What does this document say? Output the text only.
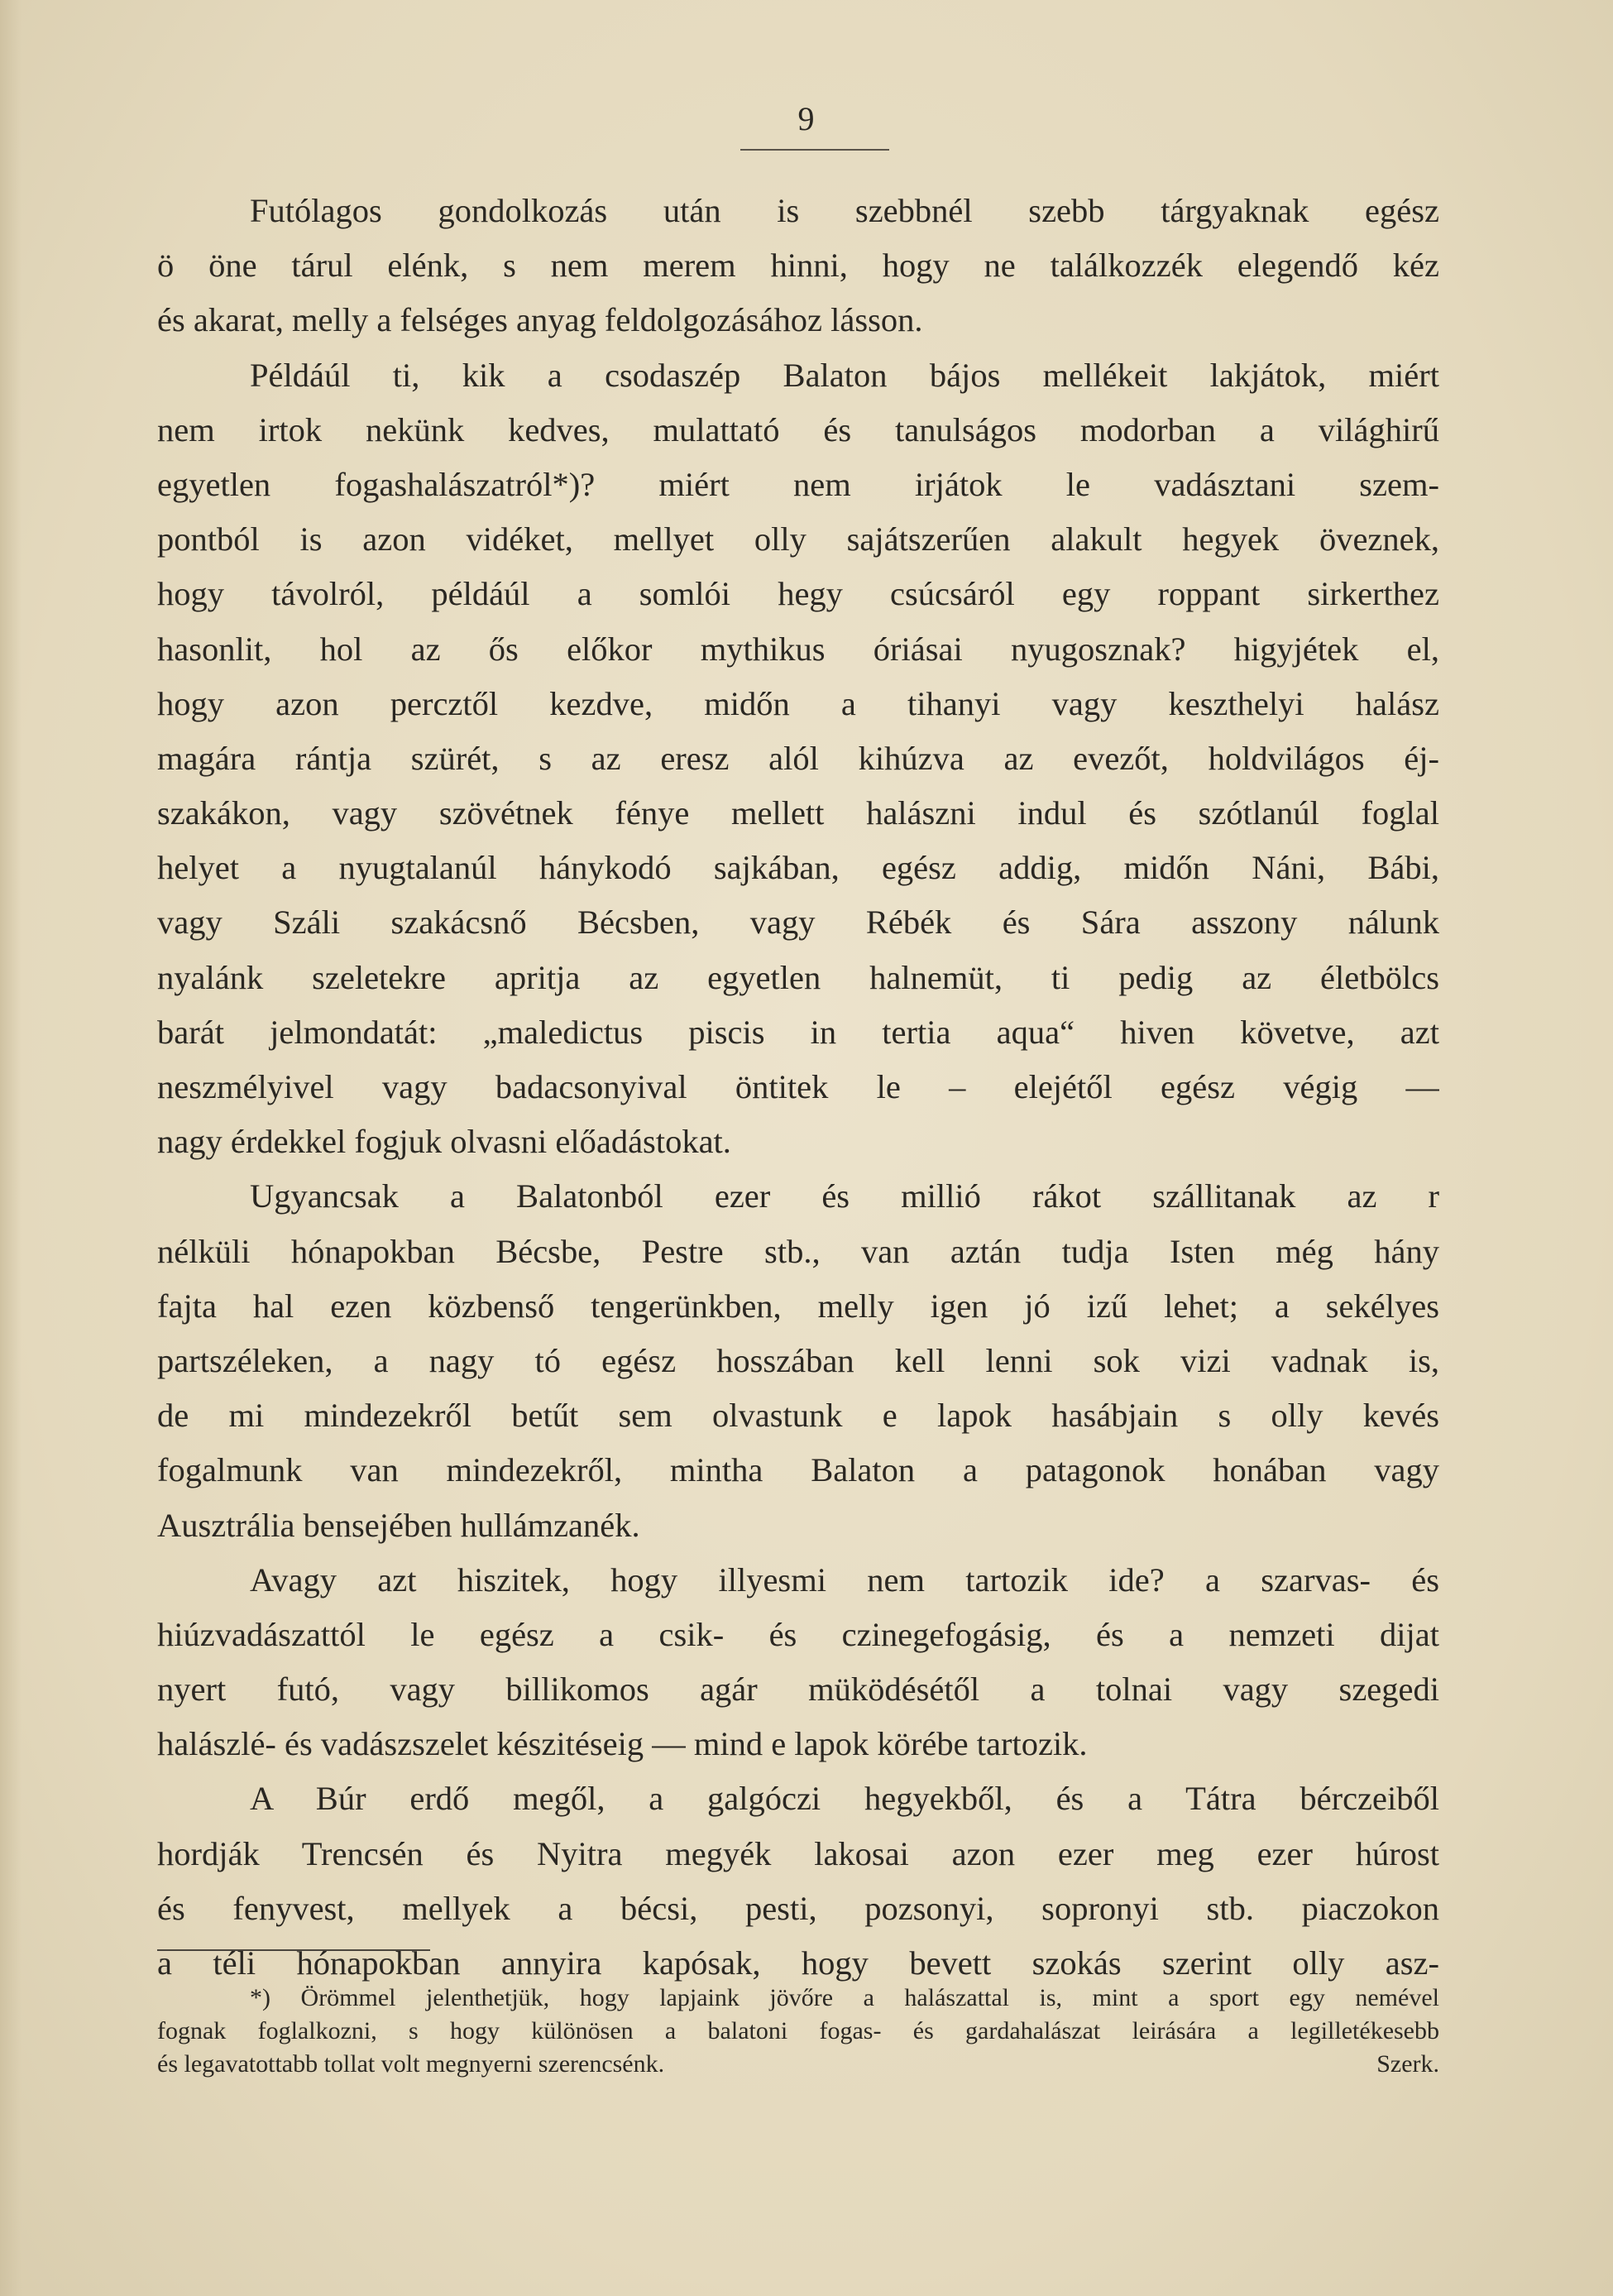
9
Futólagos gondolkozás után is szebbnél szebb tárgyaknak egész
ö öne tárul elénk, s nem merem hinni, hogy ne találkozzék elegendő kéz
és akarat, melly a felséges anyag feldolgozásához lásson.
Példáúl ti, kik a csodaszép Balaton bájos mellékeit lakjátok, miért
nem irtok nekünk kedves, mulattató és tanulságos modorban a világhirű
egyetlen fogashalászatról*)? miért nem irjátok le vadásztani szem-
pontból is azon vidéket, mellyet olly sajátszerűen alakult hegyek öveznek,
hogy távolról, példáúl a somlói hegy csúcsáról egy roppant sirkerthez
hasonlit, hol az ős előkor mythikus óriásai nyugosznak? higyjétek el,
hogy azon percztől kezdve, midőn a tihanyi vagy keszthelyi halász
magára rántja szürét, s az eresz alól kihúzva az evezőt, holdvilágos éj-
szakákon, vagy szövétnek fénye mellett halászni indul és szótlanúl foglal
helyet a nyugtalanúl hánykodó sajkában, egész addig, midőn Náni, Bábi,
vagy Száli szakácsnő Bécsben, vagy Rébék és Sára asszony nálunk
nyalánk szeletekre apritja az egyetlen halnemüt, ti pedig az életbölcs
barát jelmondatát: „maledictus piscis in tertia aqua“ hiven követve, azt
neszmélyivel vagy badacsonyival öntitek le – elejétől egész végig —
nagy érdekkel fogjuk olvasni előadástokat.
Ugyancsak a Balatonból ezer és millió rákot szállitanak az r
nélküli hónapokban Bécsbe, Pestre stb., van aztán tudja Isten még hány
fajta hal ezen közbenső tengerünkben, melly igen jó izű lehet; a sekélyes
partszéleken, a nagy tó egész hosszában kell lenni sok vizi vadnak is,
de mi mindezekről betűt sem olvastunk e lapok hasábjain s olly kevés
fogalmunk van mindezekről, mintha Balaton a patagonok honában vagy
Ausztrália bensejében hullámzanék.
Avagy azt hiszitek, hogy illyesmi nem tartozik ide? a szarvas- és
hiúzvadászattól le egész a csik- és czinegefogásig, és a nemzeti dijat
nyert futó, vagy billikomos agár müködésétől a tolnai vagy szegedi
halászlé- és vadászszelet készitéseig — mind e lapok körébe tartozik.
A Búr erdő megől, a galgóczi hegyekből, és a Tátra bérczeiből
hordják Trencsén és Nyitra megyék lakosai azon ezer meg ezer húrost
és fenyvest, mellyek a bécsi, pesti, pozsonyi, sopronyi stb. piaczokon
a téli hónapokban annyira kapósak, hogy bevett szokás szerint olly asz-
*) Örömmel jelenthetjük, hogy lapjaink jövőre a halászattal is, mint a sport egy nemével
fognak foglalkozni, s hogy különösen a balatoni fogas- és gardahalászat leirására a legilletékesebb
és legavatottabb tollat volt megnyerni szerencsénk.	Szerk.
